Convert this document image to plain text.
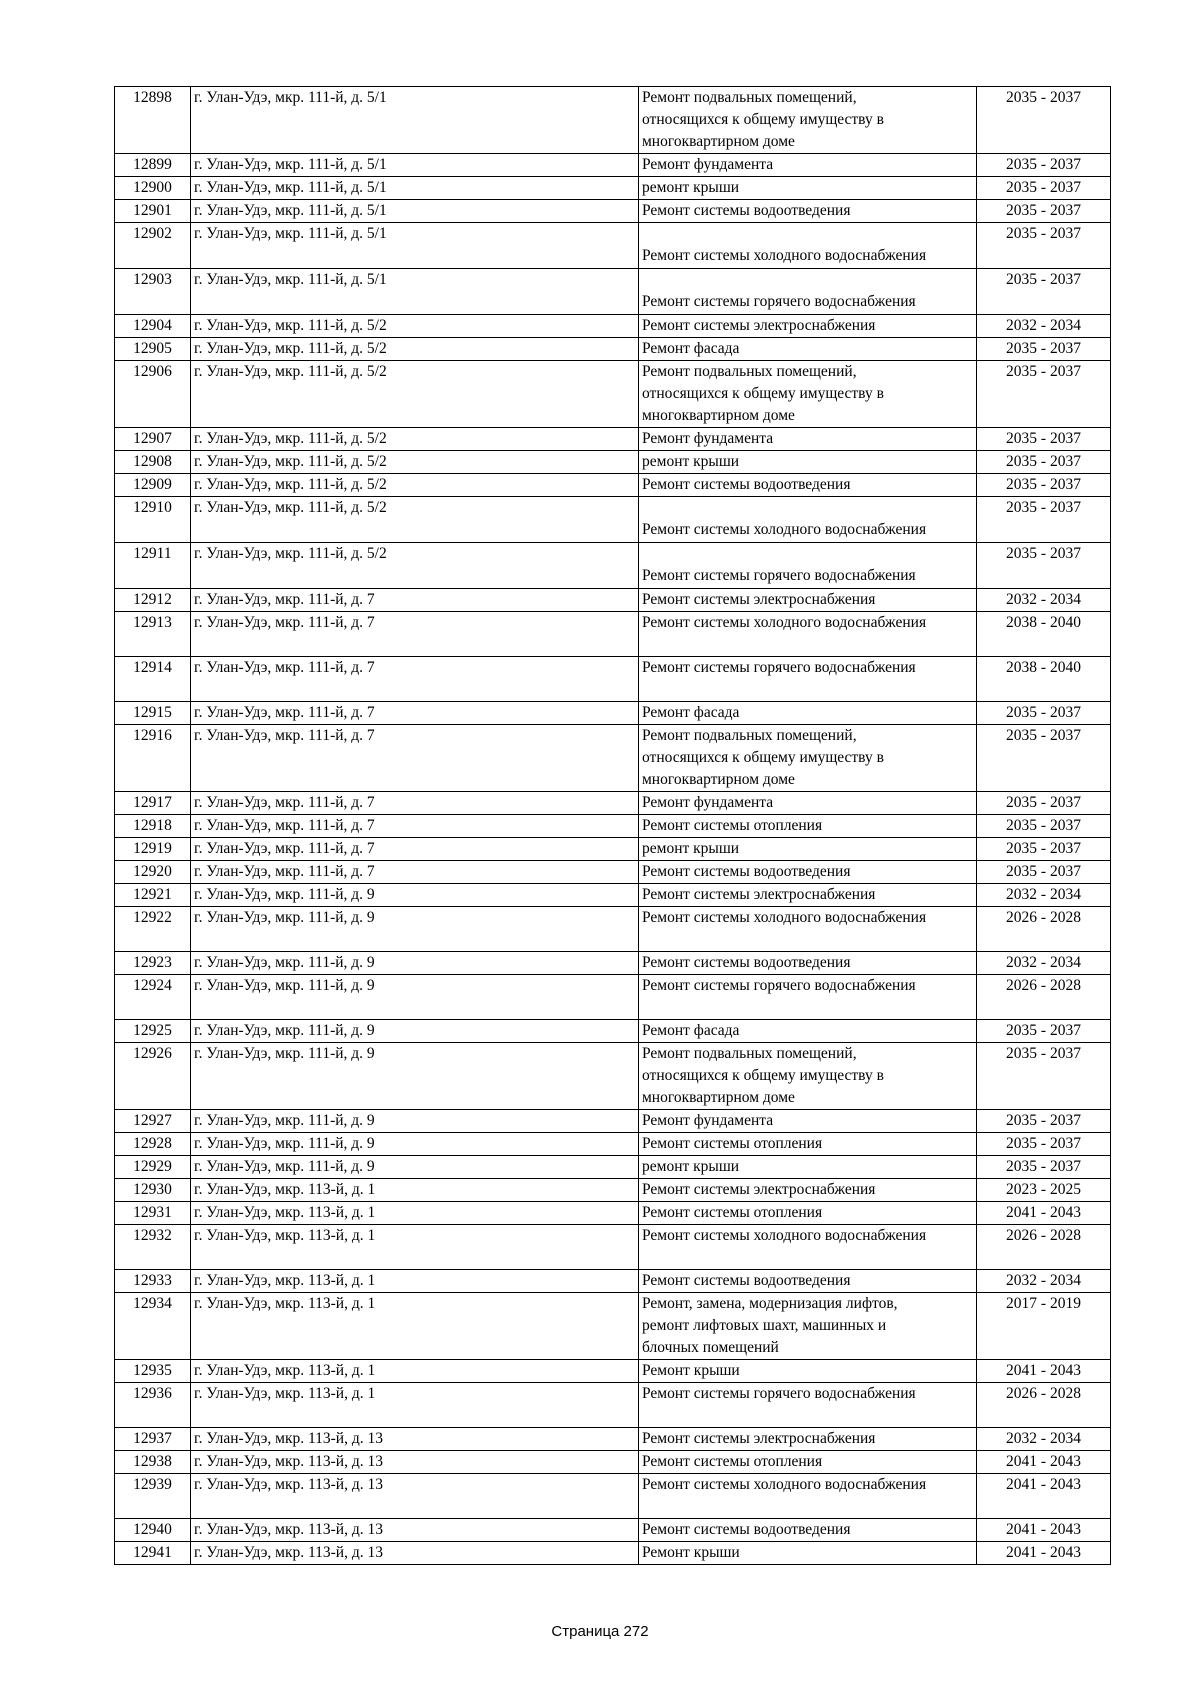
12898	г. Улан-Удэ, мкр. 111-й, д. 5/1	Ремонт подвальных помещений,
относящихся к общему имуществу в
многоквартирном доме	2035 - 2037
12899	г. Улан-Удэ, мкр. 111-й, д. 5/1	Ремонт фундамента	2035 - 2037
12900	г. Улан-Удэ, мкр. 111-й, д. 5/1	ремонт крыши	2035 - 2037
12901	г. Улан-Удэ, мкр. 111-й, д. 5/1	Ремонт системы водоотведения	2035 - 2037
12902	г. Улан-Удэ, мкр. 111-й, д. 5/1	Ремонт системы холодного водоснабжения	2035 - 2037
12903	г. Улан-Удэ, мкр. 111-й, д. 5/1	Ремонт системы горячего водоснабжения	2035 - 2037
12904	г. Улан-Удэ, мкр. 111-й, д. 5/2	Ремонт системы электроснабжения	2032 - 2034
12905	г. Улан-Удэ, мкр. 111-й, д. 5/2	Ремонт фасада	2035 - 2037
12906	г. Улан-Удэ, мкр. 111-й, д. 5/2	Ремонт подвальных помещений,
относящихся к общему имуществу в
многоквартирном доме	2035 - 2037
12907	г. Улан-Удэ, мкр. 111-й, д. 5/2	Ремонт фундамента	2035 - 2037
12908	г. Улан-Удэ, мкр. 111-й, д. 5/2	ремонт крыши	2035 - 2037
12909	г. Улан-Удэ, мкр. 111-й, д. 5/2	Ремонт системы водоотведения	2035 - 2037
12910	г. Улан-Удэ, мкр. 111-й, д. 5/2	Ремонт системы холодного водоснабжения	2035 - 2037
12911	г. Улан-Удэ, мкр. 111-й, д. 5/2	Ремонт системы горячего водоснабжения	2035 - 2037
12912	г. Улан-Удэ, мкр. 111-й, д. 7	Ремонт системы электроснабжения	2032 - 2034
12913	г. Улан-Удэ, мкр. 111-й, д. 7	Ремонт системы холодного водоснабжения	2038 - 2040
12914	г. Улан-Удэ, мкр. 111-й, д. 7	Ремонт системы горячего водоснабжения	2038 - 2040
12915	г. Улан-Удэ, мкр. 111-й, д. 7	Ремонт фасада	2035 - 2037
12916	г. Улан-Удэ, мкр. 111-й, д. 7	Ремонт подвальных помещений,
относящихся к общему имуществу в
многоквартирном доме	2035 - 2037
12917	г. Улан-Удэ, мкр. 111-й, д. 7	Ремонт фундамента	2035 - 2037
12918	г. Улан-Удэ, мкр. 111-й, д. 7	Ремонт системы отопления	2035 - 2037
12919	г. Улан-Удэ, мкр. 111-й, д. 7	ремонт крыши	2035 - 2037
12920	г. Улан-Удэ, мкр. 111-й, д. 7	Ремонт системы водоотведения	2035 - 2037
12921	г. Улан-Удэ, мкр. 111-й, д. 9	Ремонт системы электроснабжения	2032 - 2034
12922	г. Улан-Удэ, мкр. 111-й, д. 9	Ремонт системы холодного водоснабжения	2026 - 2028
12923	г. Улан-Удэ, мкр. 111-й, д. 9	Ремонт системы водоотведения	2032 - 2034
12924	г. Улан-Удэ, мкр. 111-й, д. 9	Ремонт системы горячего водоснабжения	2026 - 2028
12925	г. Улан-Удэ, мкр. 111-й, д. 9	Ремонт фасада	2035 - 2037
12926	г. Улан-Удэ, мкр. 111-й, д. 9	Ремонт подвальных помещений,
относящихся к общему имуществу в
многоквартирном доме	2035 - 2037
12927	г. Улан-Удэ, мкр. 111-й, д. 9	Ремонт фундамента	2035 - 2037
12928	г. Улан-Удэ, мкр. 111-й, д. 9	Ремонт системы отопления	2035 - 2037
12929	г. Улан-Удэ, мкр. 111-й, д. 9	ремонт крыши	2035 - 2037
12930	г. Улан-Удэ, мкр. 113-й, д. 1	Ремонт системы электроснабжения	2023 - 2025
12931	г. Улан-Удэ, мкр. 113-й, д. 1	Ремонт системы отопления	2041 - 2043
12932	г. Улан-Удэ, мкр. 113-й, д. 1	Ремонт системы холодного водоснабжения	2026 - 2028
12933	г. Улан-Удэ, мкр. 113-й, д. 1	Ремонт системы водоотведения	2032 - 2034
12934	г. Улан-Удэ, мкр. 113-й, д. 1	Ремонт, замена, модернизация лифтов,
ремонт лифтовых шахт, машинных и
блочных помещений	2017 - 2019
12935	г. Улан-Удэ, мкр. 113-й, д. 1	Ремонт крыши	2041 - 2043
12936	г. Улан-Удэ, мкр. 113-й, д. 1	Ремонт системы горячего водоснабжения	2026 - 2028
12937	г. Улан-Удэ, мкр. 113-й, д. 13	Ремонт системы электроснабжения	2032 - 2034
12938	г. Улан-Удэ, мкр. 113-й, д. 13	Ремонт системы отопления	2041 - 2043
12939	г. Улан-Удэ, мкр. 113-й, д. 13	Ремонт системы холодного водоснабжения	2041 - 2043
12940	г. Улан-Удэ, мкр. 113-й, д. 13	Ремонт системы водоотведения	2041 - 2043
12941	г. Улан-Удэ, мкр. 113-й, д. 13	Ремонт крыши	2041 - 2043
Страница 272
